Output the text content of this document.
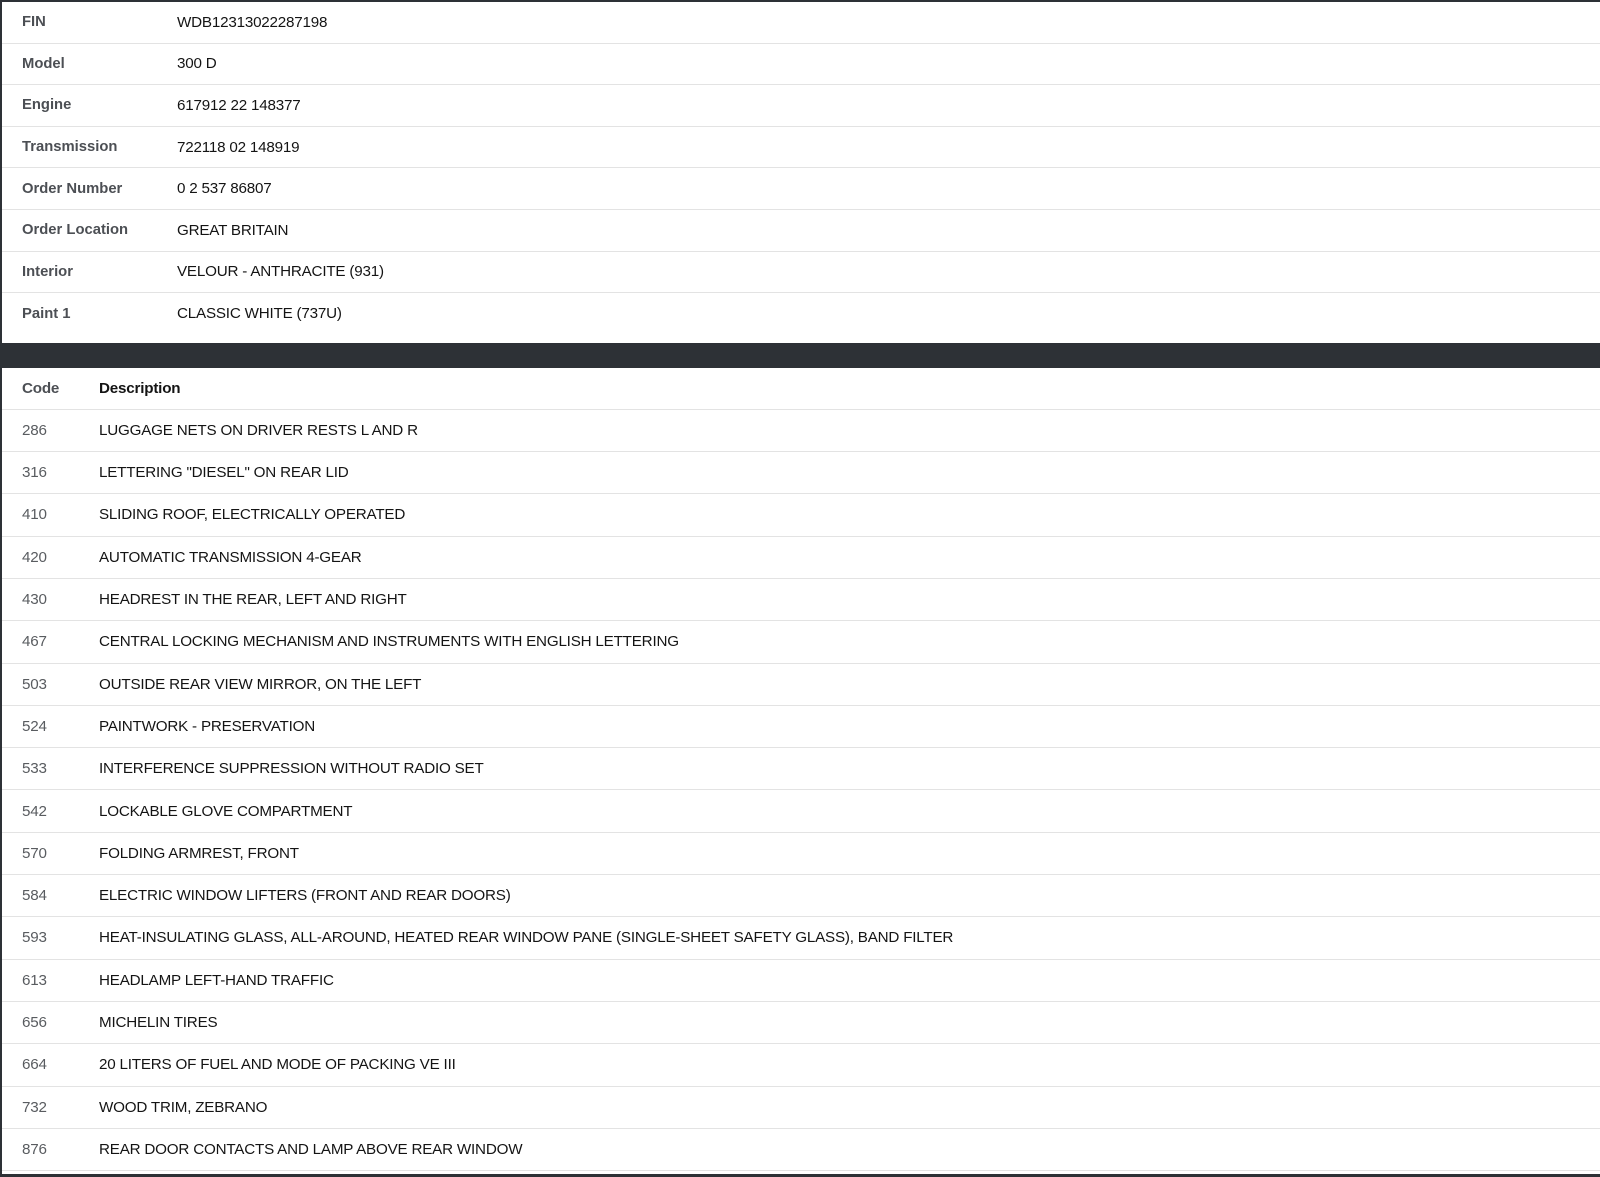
FIN	WDB12313022287198
Model	300 D
Engine	617912 22 148377
Transmission	722118 02 148919
Order Number	0 2 537 86807
Order Location	GREAT BRITAIN
Interior	VELOUR - ANTHRACITE (931)
Paint 1	CLASSIC WHITE (737U)
Code	Description
286	LUGGAGE NETS ON DRIVER RESTS L AND R
316	LETTERING "DIESEL" ON REAR LID
410	SLIDING ROOF, ELECTRICALLY OPERATED
420	AUTOMATIC TRANSMISSION 4-GEAR
430	HEADREST IN THE REAR, LEFT AND RIGHT
467	CENTRAL LOCKING MECHANISM AND INSTRUMENTS WITH ENGLISH LETTERING
503	OUTSIDE REAR VIEW MIRROR, ON THE LEFT
524	PAINTWORK - PRESERVATION
533	INTERFERENCE SUPPRESSION WITHOUT RADIO SET
542	LOCKABLE GLOVE COMPARTMENT
570	FOLDING ARMREST, FRONT
584	ELECTRIC WINDOW LIFTERS (FRONT AND REAR DOORS)
593	HEAT-INSULATING GLASS, ALL-AROUND, HEATED REAR WINDOW PANE (SINGLE-SHEET SAFETY GLASS), BAND FILTER
613	HEADLAMP LEFT-HAND TRAFFIC
656	MICHELIN TIRES
664	20 LITERS OF FUEL AND MODE OF PACKING VE III
732	WOOD TRIM, ZEBRANO
876	REAR DOOR CONTACTS AND LAMP ABOVE REAR WINDOW
